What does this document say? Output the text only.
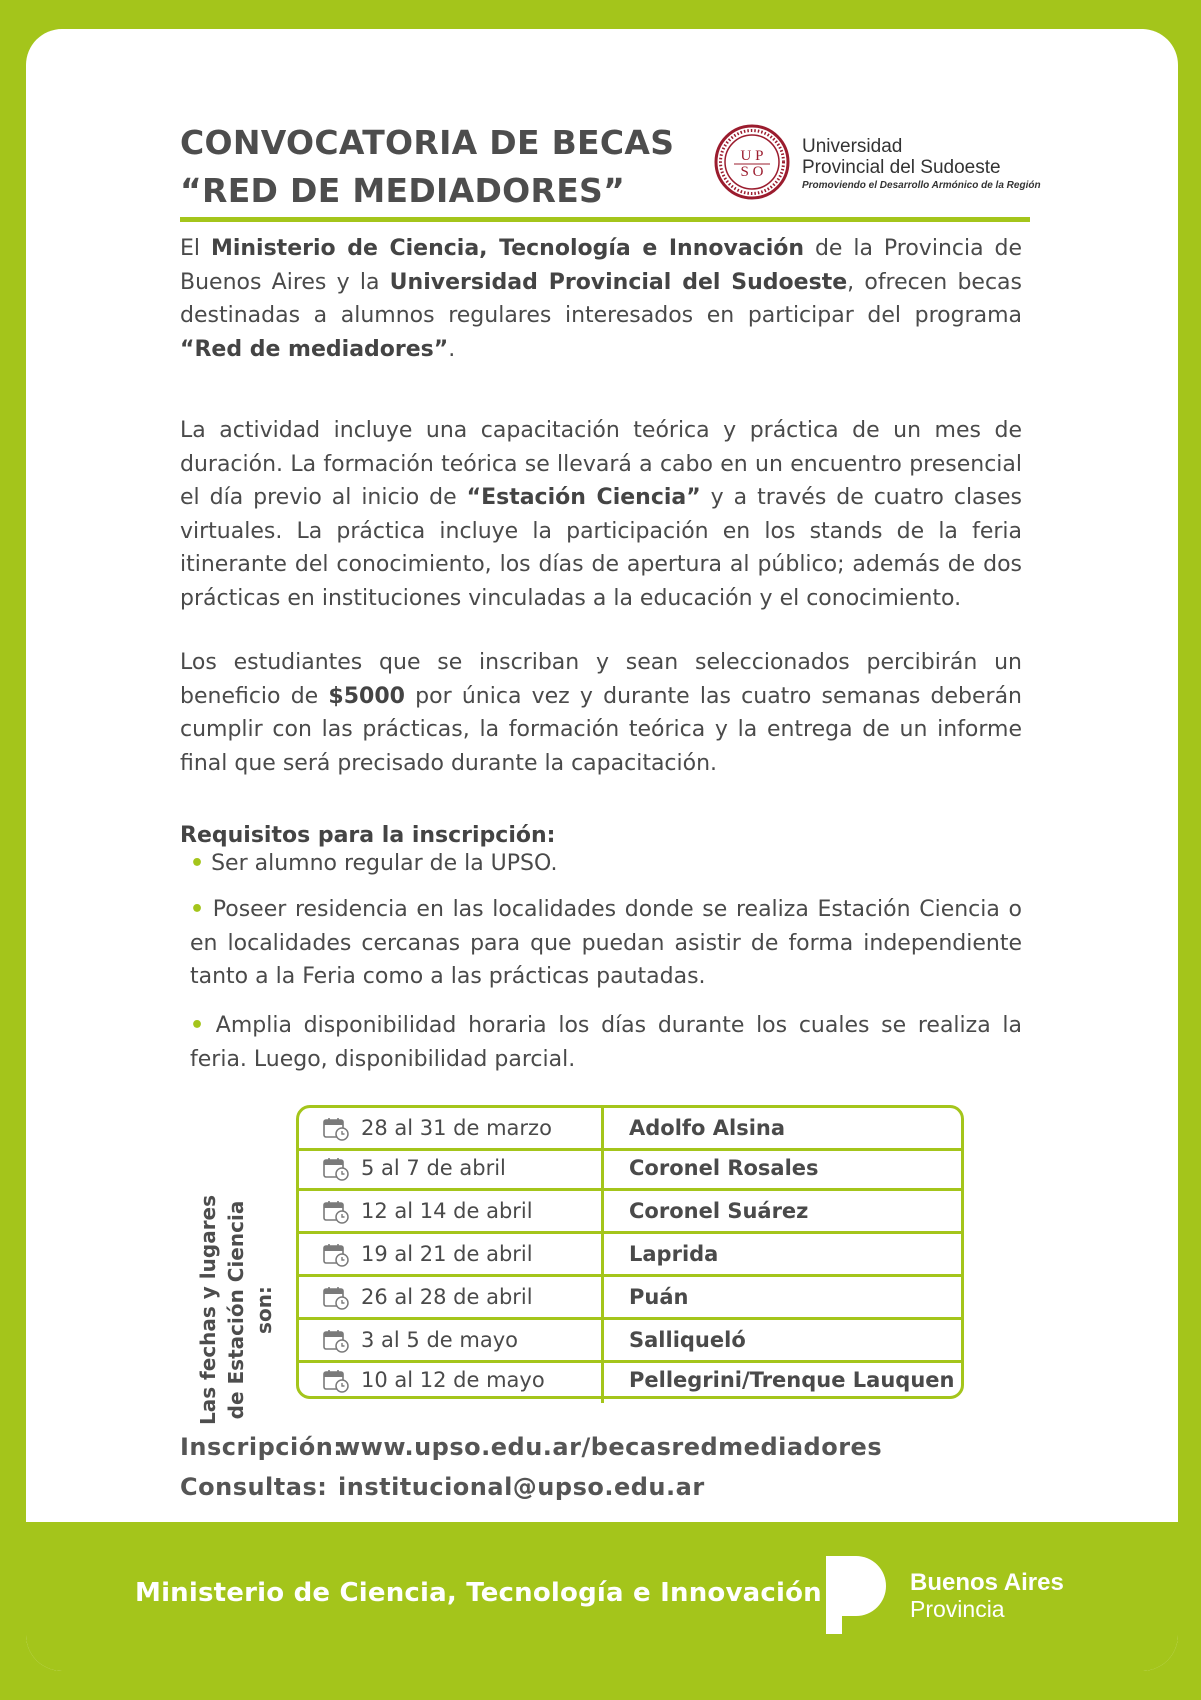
CONVOCATORIA DE BECAS
“RED DE MEDIADORES”
U P
S O
Universidad
Provincial del Sudoeste
Promoviendo el Desarrollo Armónico de la Región
El Ministerio de Ciencia, Tecnología e Innovación de la Provincia de Buenos Aires y la Universidad Provincial del Sudoeste, ofrecen becas destinadas a alumnos regulares interesados en participar del programa “Red de mediadores”.
La actividad incluye una capacitación teórica y práctica de un mes de duración. La formación teórica se llevará a cabo en un encuentro presencial el día previo al inicio de “Estación Ciencia” y a través de cuatro clases virtuales. La práctica incluye la participación en los stands de la feria itinerante del conocimiento, los días de apertura al público; además de dos prácticas en instituciones vinculadas a la educación y el conocimiento.
Los estudiantes que se inscriban y sean seleccionados percibirán un beneficio de $5000 por única vez y durante las cuatro semanas deberán cumplir con las prácticas, la formación teórica y la entrega de un informe final que será precisado durante la capacitación.
Requisitos para la inscripción:
• Ser alumno regular de la UPSO.
• Poseer residencia en las localidades donde se realiza Estación Ciencia o en localidades cercanas para que puedan asistir de forma independiente tanto a la Feria como a las prácticas pautadas.
• Amplia disponibilidad horaria los días durante los cuales se realiza la feria. Luego, disponibilidad parcial.
Las fechas y lugares de Estación Ciencia son:
28 al 31 de marzo	Adolfo Alsina
5 al 7 de abril	Coronel Rosales
12 al 14 de abril	Coronel Suárez
19 al 21 de abril	Laprida
26 al 28 de abril	Puán
3 al 5 de mayo	Salliqueló
10 al 12 de mayo	Pellegrini/Trenque Lauquen
Inscripción:www.upso.edu.ar/becasredmediadores
Consultas: institucional@upso.edu.ar
Ministerio de Ciencia, Tecnología e Innovación	Buenos Aires
Provincia
